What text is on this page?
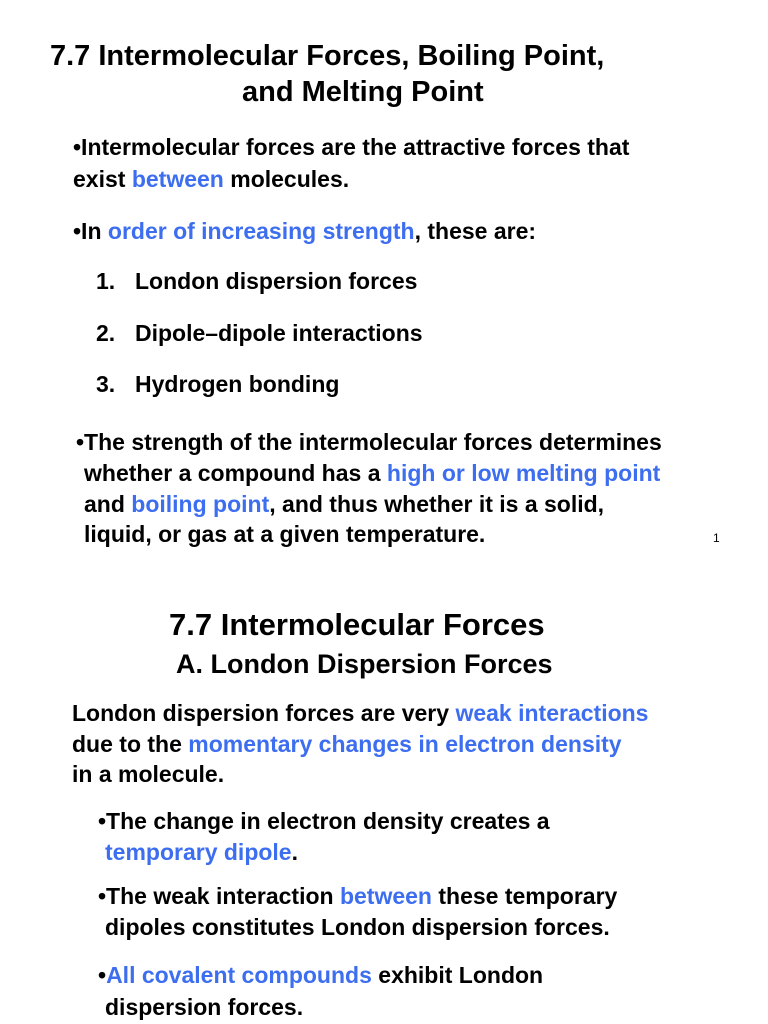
7.7 Intermolecular Forces, Boiling Point,
and Melting Point
•Intermolecular forces are the attractive forces that
exist between molecules.
•In order of increasing strength, these are:
1. London dispersion forces
2. Dipole–dipole interactions
3. Hydrogen bonding
•The strength of the intermolecular forces determines
whether a compound has a high or low melting point
and boiling point, and thus whether it is a solid,
liquid, or gas at a given temperature.	1
7.7 Intermolecular Forces
A. London Dispersion Forces
London dispersion forces are very weak interactions
due to the momentary changes in electron density
in a molecule.
•The change in electron density creates a
temporary dipole.
•The weak interaction between these temporary
dipoles constitutes London dispersion forces.
•All covalent compounds exhibit London
dispersion forces.
